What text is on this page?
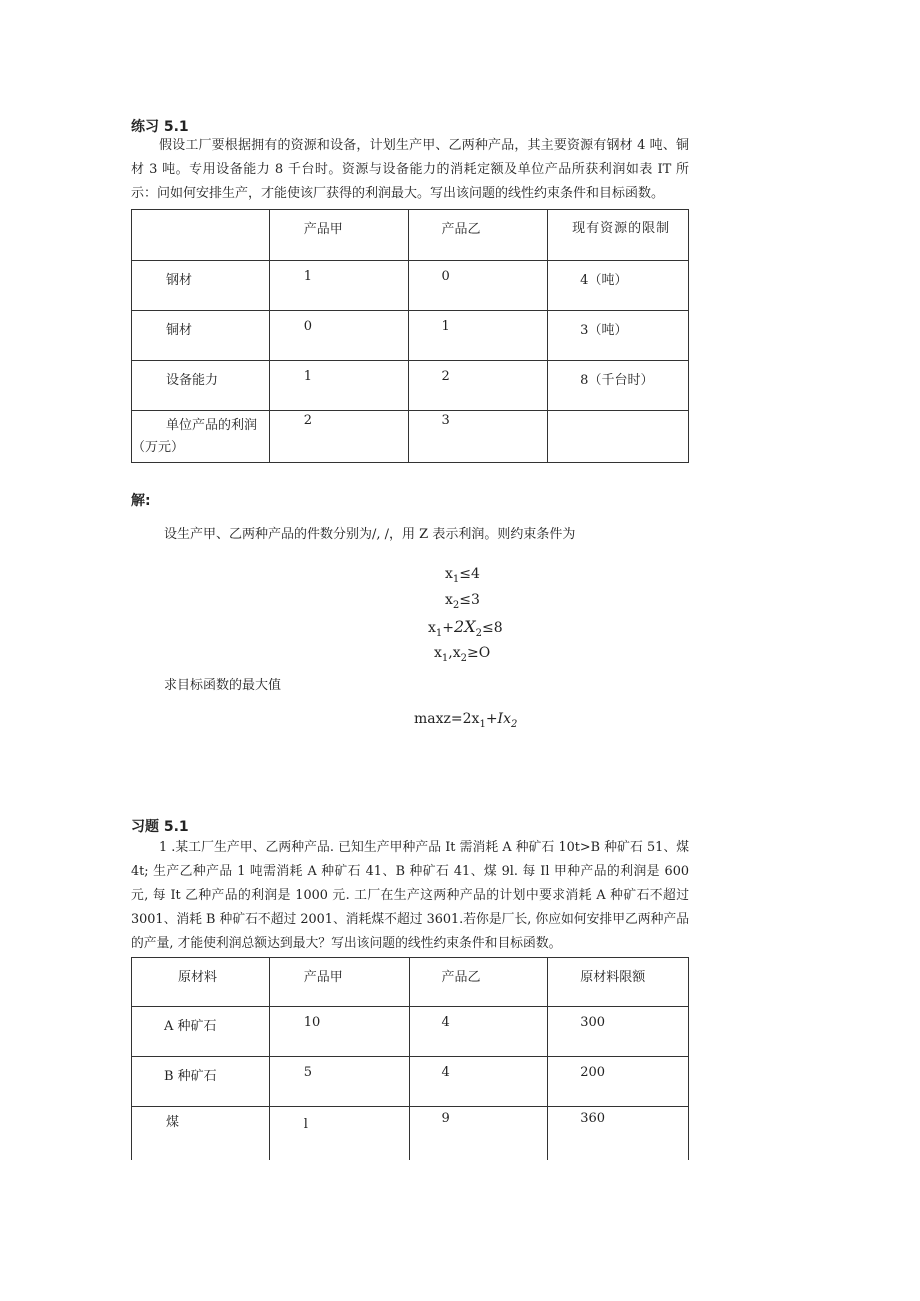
练习 5.1
假设工厂要根据拥有的资源和设备，计划生产甲、乙两种产品，其主要资源有钢材 4 吨、铜材 3 吨。专用设备能力 8 千台时。资源与设备能力的消耗定额及单位产品所获利润如表 IT 所示：问如何安排生产，才能使该厂获得的利润最大。写出该问题的线性约束条件和目标函数。
	产品甲	产品乙	现有资源的限制
钢材	1	0	4（吨）
铜材	0	1	3（吨）
设备能力	1	2	8（千台时）
单位产品的利润（万元）	2	3	
解:
设生产甲、乙两种产品的件数分别为/, /，用 Z 表示利润。则约束条件为
$x_1\le 4$
$x_2\le 3$
$x_1+2X_2\le 8$
$x_1,x_2\ge O$
求目标函数的最大值
$\max z=2x_1+Ix_2$
习题 5.1
1 .某工厂生产甲、乙两种产品. 已知生产甲种产品 It 需消耗 A 种矿石 10t>B 种矿石 51、煤 4t; 生产乙种产品 1 吨需消耗 A 种矿石 41、B 种矿石 41、煤 9l. 每 Il 甲种产品的利润是 600 元, 每 It 乙种产品的利润是 1000 元. 工厂在生产这两种产品的计划中要求消耗 A 种矿石不超过 3001、消耗 B 种矿石不超过 2001、消耗煤不超过 3601.若你是厂长, 你应如何安排甲乙两种产品的产量, 才能使利润总额达到最大？写出该问题的线性约束条件和目标函数。
原材料	产品甲	产品乙	原材料限额
A 种矿石	10	4	300
B 种矿石	5	4	200
煤	l	9	360
